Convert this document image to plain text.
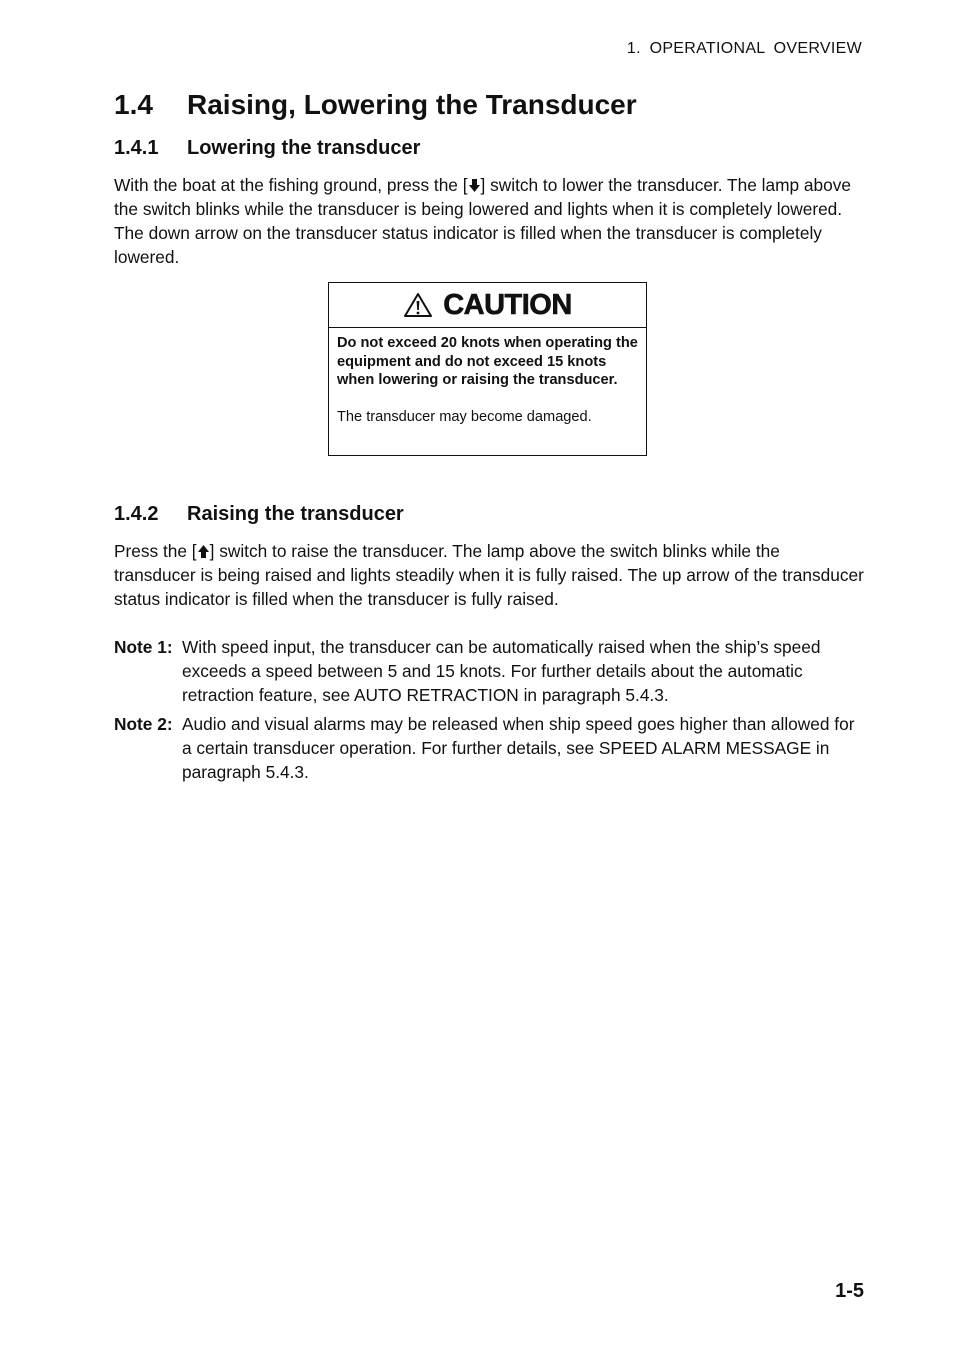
1. OPERATIONAL OVERVIEW
1.4 Raising, Lowering the Transducer
1.4.1 Lowering the transducer

With the boat at the fishing ground, press the [ ] switch to lower the transducer. The lamp above the switch blinks while the transducer is being lowered and lights when it is completely lowered. The down arrow on the transducer status indicator is filled when the transducer is completely lowered.

CAUTION

Do not exceed 20 knots when operating the equipment and do not exceed 15 knots when lowering or raising the transducer.

The transducer may become damaged.

1.4.2 Raising the transducer

Press the [ ] switch to raise the transducer. The lamp above the switch blinks while the transducer is being raised and lights steadily when it is fully raised. The up arrow of the transducer status indicator is filled when the transducer is fully raised.

Note 1: With speed input, the transducer can be automatically raised when the ship’s speed exceeds a speed between 5 and 15 knots. For further details about the automatic retraction feature, see AUTO RETRACTION in paragraph 5.4.3.
Note 2: Audio and visual alarms may be released when ship speed goes higher than allowed for a certain transducer operation. For further details, see SPEED ALARM MESSAGE in paragraph 5.4.3.
1-5
